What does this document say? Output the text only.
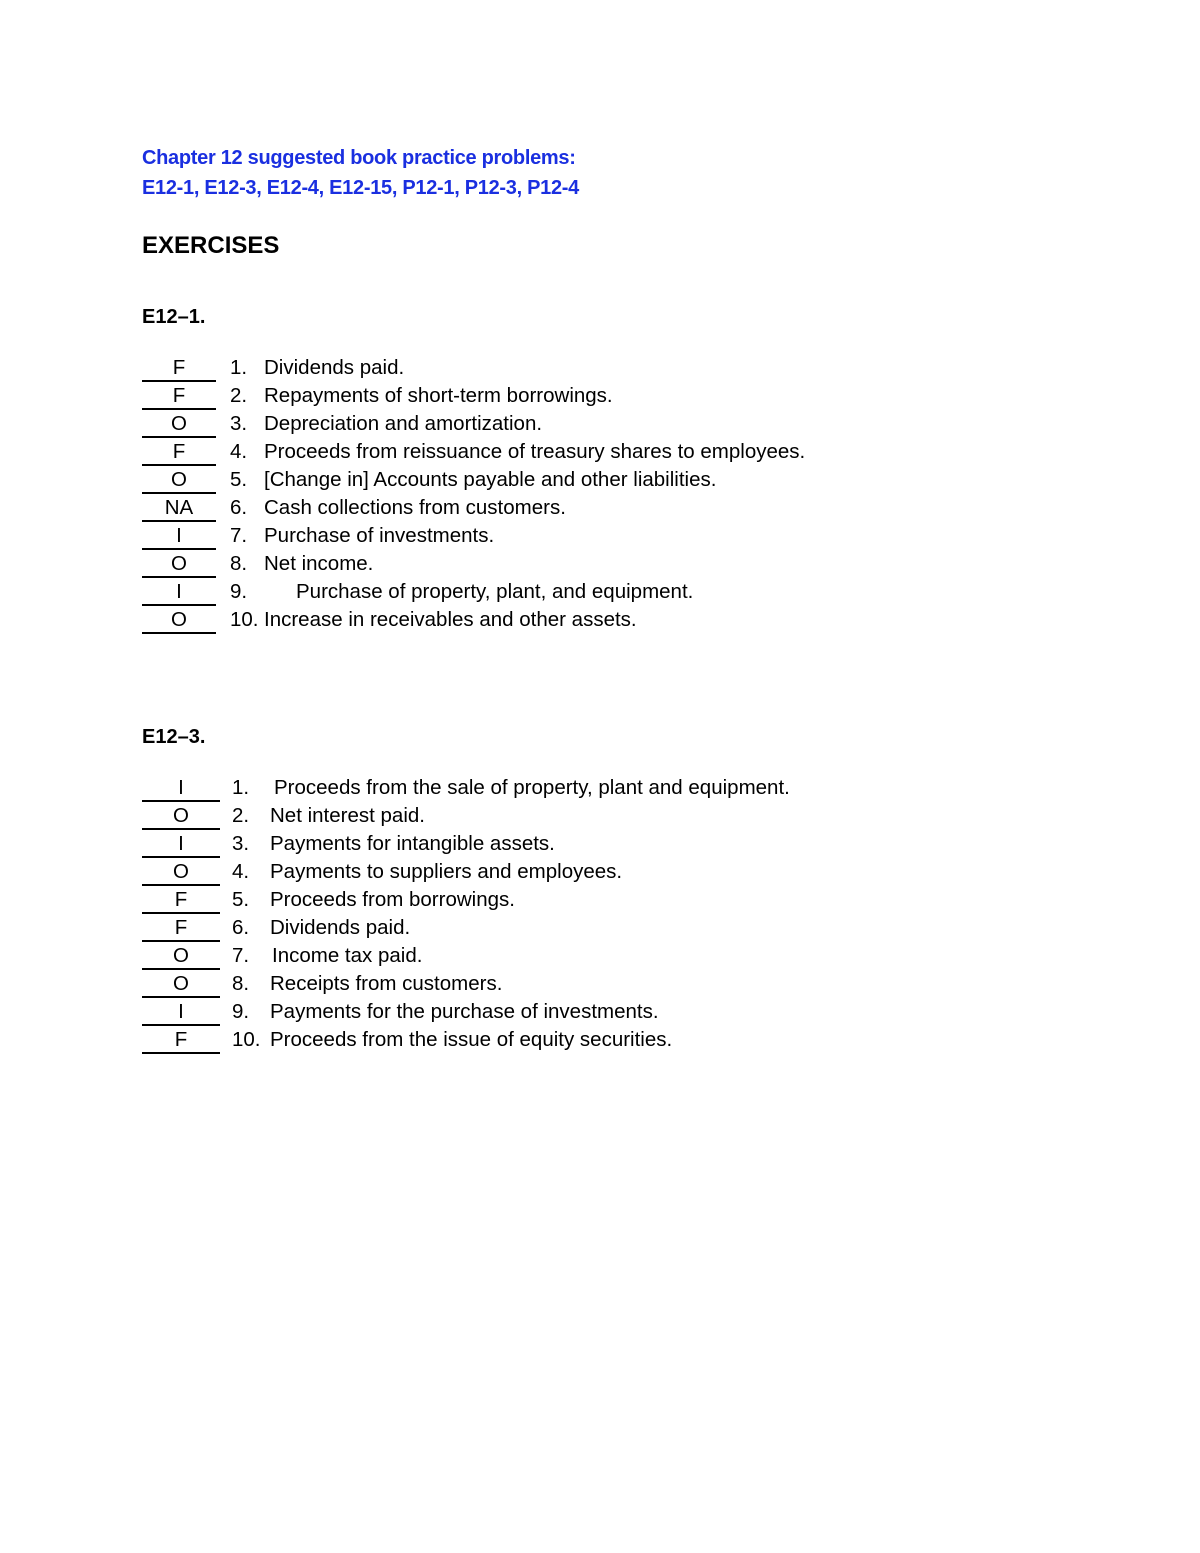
Chapter 12 suggested book practice problems:
E12-1, E12-3, E12-4, E12-15, P12-1, P12-3, P12-4
EXERCISES
E12–1.
F	1. Dividends paid.
F	2. Repayments of short-term borrowings.
O	3. Depreciation and amortization.
F	4. Proceeds from reissuance of treasury shares to employees.
O	5. [Change in] Accounts payable and other liabilities.
NA	6. Cash collections from customers.
I	7. Purchase of investments.
O	8. Net income.
I	9. Purchase of property, plant, and equipment.
O	10. Increase in receivables and other assets.
E12–3.
I	1. Proceeds from the sale of property, plant and equipment.
O	2. Net interest paid.
I	3. Payments for intangible assets.
O	4. Payments to suppliers and employees.
F	5. Proceeds from borrowings.
F	6. Dividends paid.
O	7. Income tax paid.
O	8. Receipts from customers.
I	9. Payments for the purchase of investments.
F	10. Proceeds from the issue of equity securities.
